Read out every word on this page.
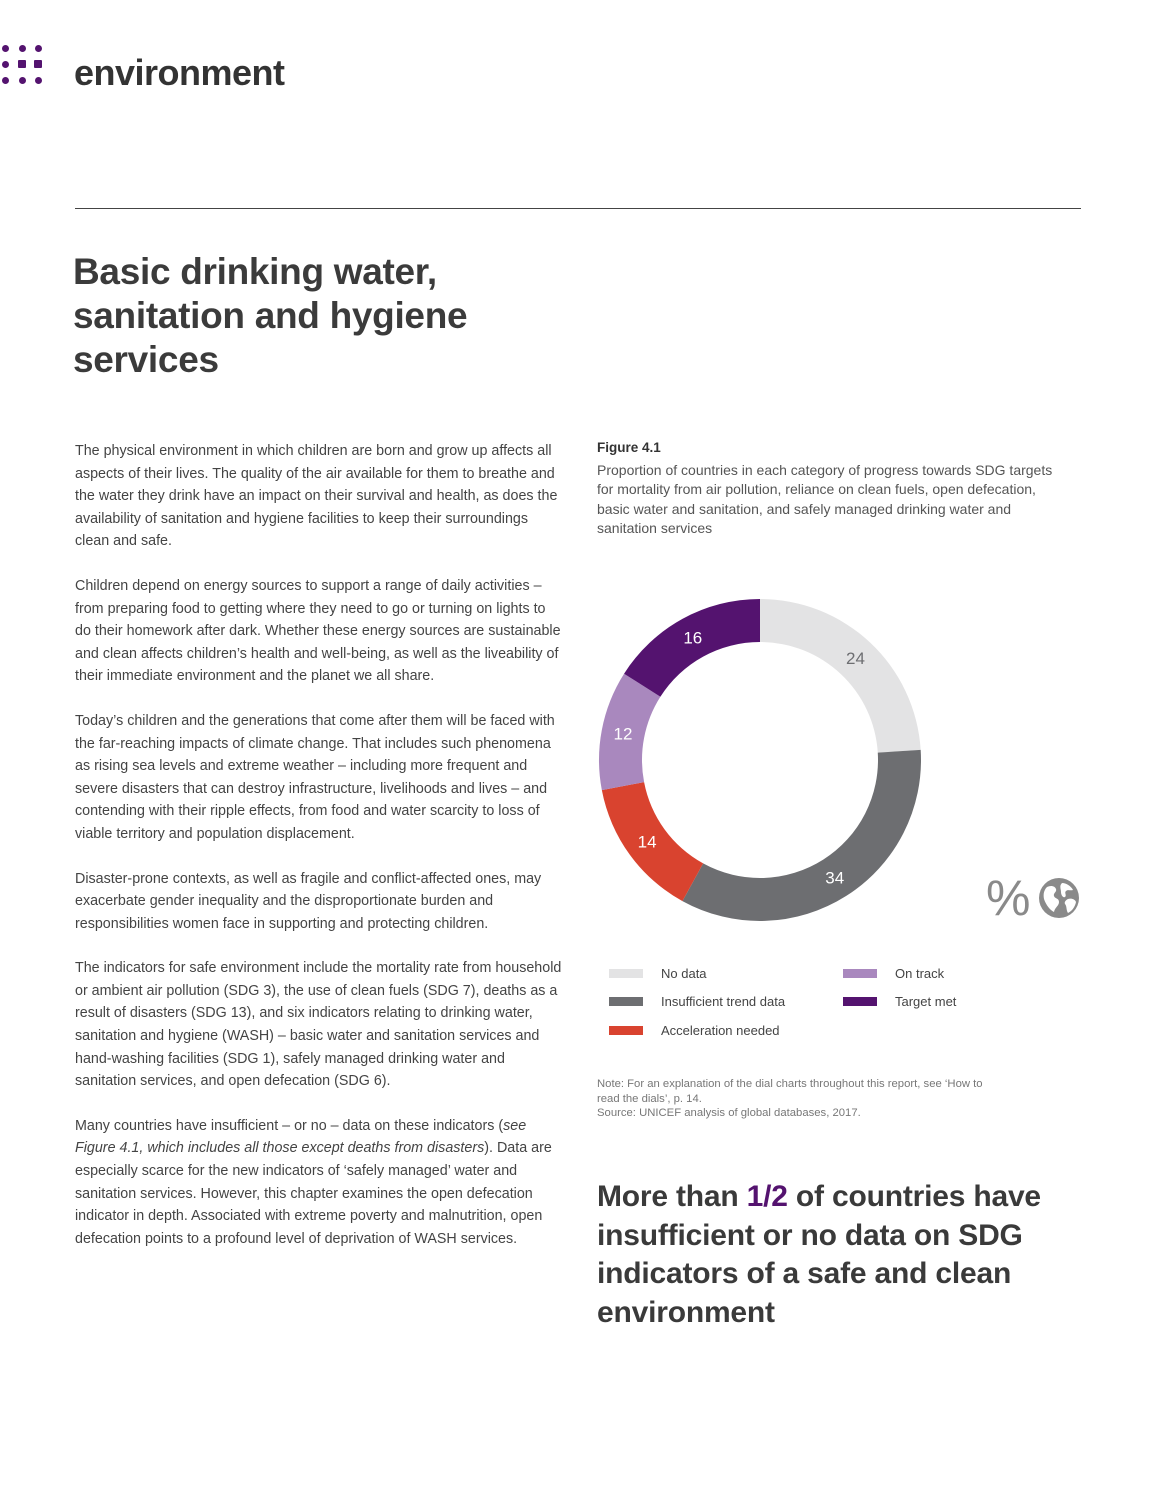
environment
Basic drinking water, sanitation and hygiene services

The physical environment in which children are born and grow up affects all aspects of their lives. The quality of the air available for them to breathe and the water they drink have an impact on their survival and health, as does the availability of sanitation and hygiene facilities to keep their surroundings clean and safe.

Children depend on energy sources to support a range of daily activities – from preparing food to getting where they need to go or turning on lights to do their homework after dark. Whether these energy sources are sustainable and clean affects children’s health and well-being, as well as the liveability of their immediate environment and the planet we all share.

Today’s children and the generations that come after them will be faced with the far-reaching impacts of climate change. That includes such phenomena as rising sea levels and extreme weather – including more frequent and severe disasters that can destroy infrastructure, livelihoods and lives – and contending with their ripple effects, from food and water scarcity to loss of viable territory and population displacement.

Disaster-prone contexts, as well as fragile and conflict-affected ones, may exacerbate gender inequality and the disproportionate burden and responsibilities women face in supporting and protecting children.

The indicators for safe environment include the mortality rate from household or ambient air pollution (SDG 3), the use of clean fuels (SDG 7), deaths as a result of disasters (SDG 13), and six indicators relating to drinking water, sanitation and hygiene (WASH) – basic water and sanitation services and hand-washing facilities (SDG 1), safely managed drinking water and sanitation services, and open defecation (SDG 6).

Many countries have insufficient – or no – data on these indicators (see Figure 4.1, which includes all those except deaths from disasters). Data are especially scarce for the new indicators of ‘safely managed’ water and sanitation services. However, this chapter examines the open defecation indicator in depth. Associated with extreme poverty and malnutrition, open defecation points to a profound level of deprivation of WASH services.

Figure 4.1
Proportion of countries in each category of progress towards SDG targets for mortality from air pollution, reliance on clean fuels, open defecation, basic water and sanitation, and safely managed drinking water and sanitation services
24
34
14
12
16
%
No data
Insufficient trend data
Acceleration needed
On track
Target met
Note: For an explanation of the dial charts throughout this report, see ‘How to read the dials’, p. 14.
Source: UNICEF analysis of global databases, 2017.
More than 1/2 of countries have insufficient or no data on SDG indicators of a safe and clean environment
